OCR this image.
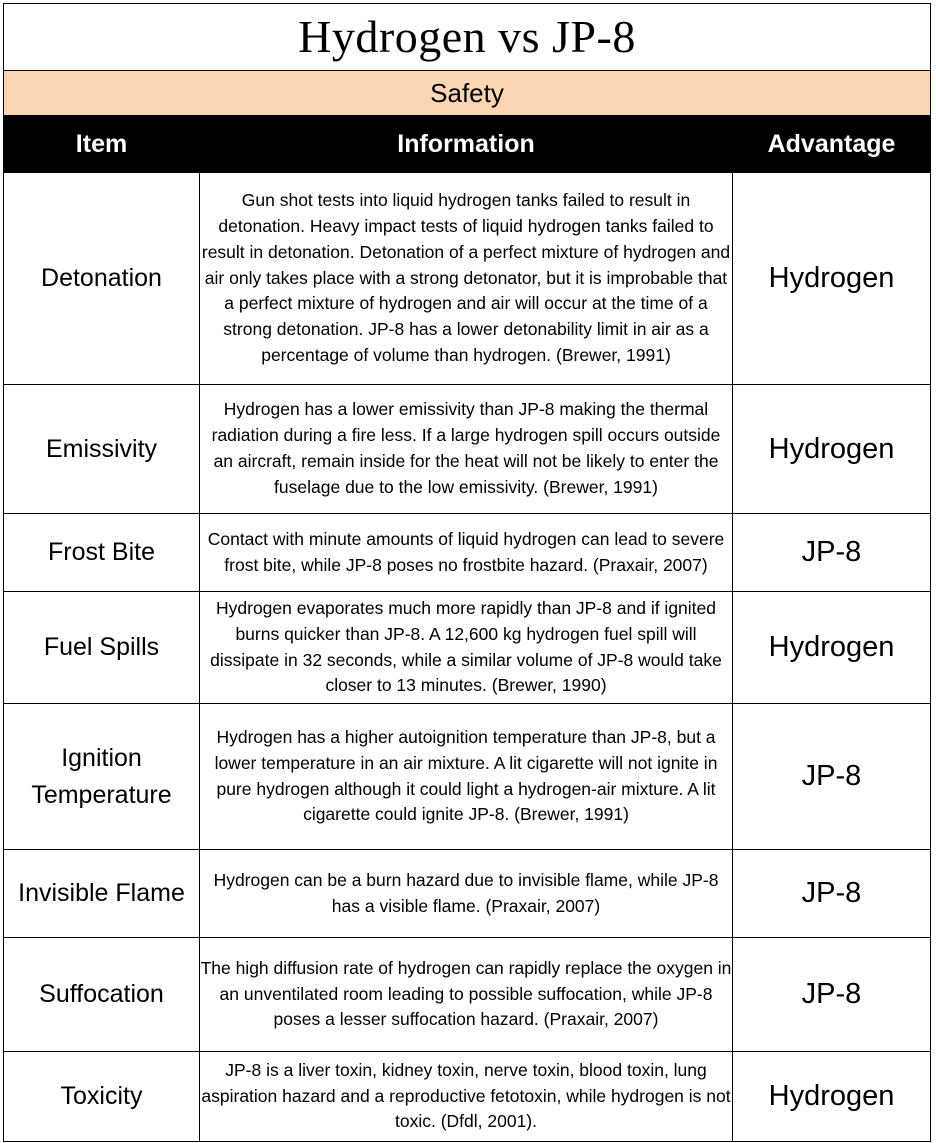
Hydrogen vs JP-8		
Safety		
Item	Information	Advantage
Detonation	Gun shot tests into liquid hydrogen tanks failed to result in detonation. Heavy impact tests of liquid hydrogen tanks failed to result in detonation. Detonation of a perfect mixture of hydrogen and air only takes place with a strong detonator, but it is improbable that a perfect mixture of hydrogen and air will occur at the time of a strong detonation. JP-8 has a lower detonability limit in air as a percentage of volume than hydrogen. (Brewer, 1991)	Hydrogen
Emissivity	Hydrogen has a lower emissivity than JP-8 making the thermal radiation during a fire less. If a large hydrogen spill occurs outside an aircraft, remain inside for the heat will not be likely to enter the fuselage due to the low emissivity. (Brewer, 1991)	Hydrogen
Frost Bite	Contact with minute amounts of liquid hydrogen can lead to severe frost bite, while JP-8 poses no frostbite hazard. (Praxair, 2007)	JP-8
Fuel Spills	Hydrogen evaporates much more rapidly than JP-8 and if ignited burns quicker than JP-8. A 12,600 kg hydrogen fuel spill will dissipate in 32 seconds, while a similar volume of JP-8 would take closer to 13 minutes. (Brewer, 1990)	Hydrogen
Ignition Temperature	Hydrogen has a higher autoignition temperature than JP-8, but a lower temperature in an air mixture. A lit cigarette will not ignite in pure hydrogen although it could light a hydrogen-air mixture. A lit cigarette could ignite JP-8. (Brewer, 1991)	JP-8
Invisible Flame	Hydrogen can be a burn hazard due to invisible flame, while JP-8 has a visible flame. (Praxair, 2007)	JP-8
Suffocation	The high diffusion rate of hydrogen can rapidly replace the oxygen in an unventilated room leading to possible suffocation, while JP-8 poses a lesser suffocation hazard. (Praxair, 2007)	JP-8
Toxicity	JP-8 is a liver toxin, kidney toxin, nerve toxin, blood toxin, lung aspiration hazard and a reproductive fetotoxin, while hydrogen is not toxic. (Dfdl, 2001).	Hydrogen
